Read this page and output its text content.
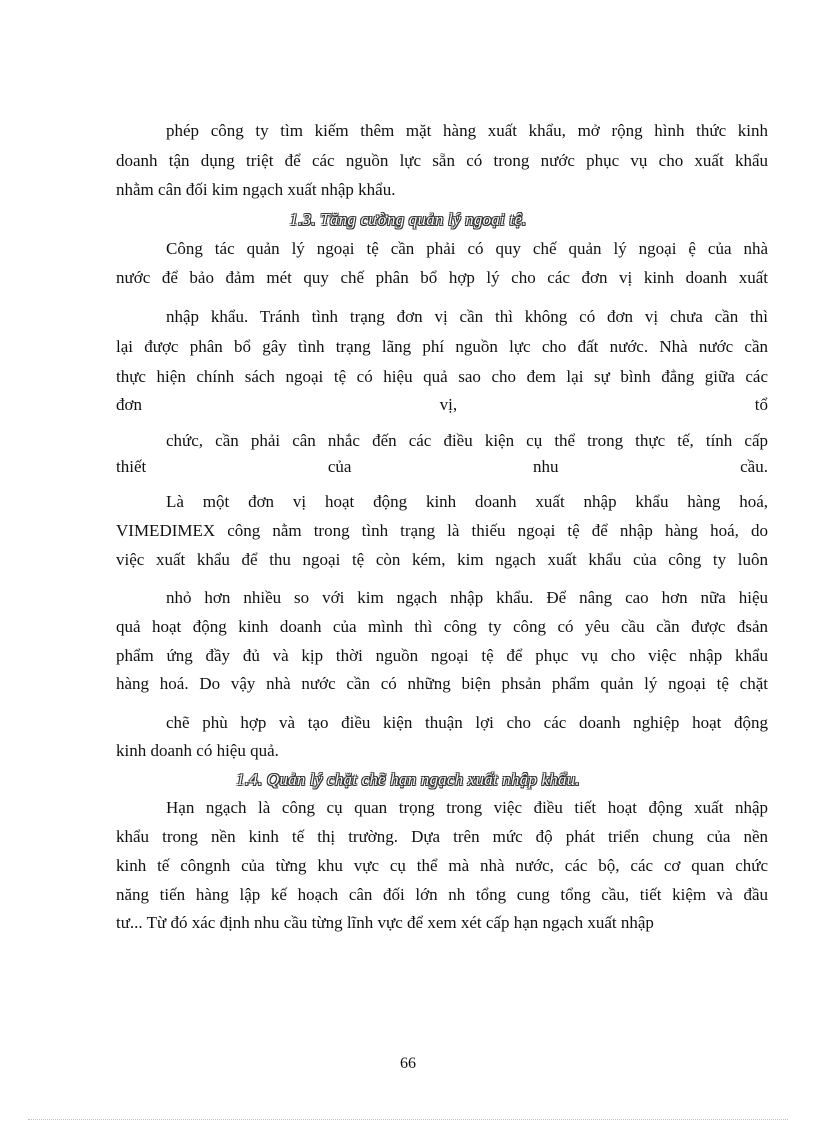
phép công ty tìm kiếm thêm mặt hàng xuất khẩu, mở rộng hình thức kinh
doanh tận dụng triệt để các nguồn lực sẵn có trong nước phục vụ cho xuất khẩu
nhằm cân đối kim ngạch xuất nhập khẩu.
1.3. Tăng cường quản lý ngoại tệ.
Công tác quản lý ngoại tệ cần phải có quy chế quản lý ngoại ệ của nhà
nước để bảo đảm mét quy chế phân bổ hợp lý cho các đơn vị kinh doanh xuất
nhập khẩu. Tránh tình trạng đơn vị cần thì không có đơn vị chưa cần thì
lại được phân bổ gây tình trạng lãng phí nguồn lực cho đất nước. Nhà nước cần
thực hiện chính sách ngoại tệ có hiệu quả sao cho đem lại sự bình đẳng giữa các
đơn	vị,	tổ
chức, cần phải cân nhắc đến các điều kiện cụ thể trong thực tế, tính cấp
thiết	của	nhu	cầu.
Là một đơn vị hoạt động kinh doanh xuất nhập khẩu hàng hoá,
VIMEDIMEX công nằm trong tình trạng là thiếu ngoại tệ để nhập hàng hoá, do
việc xuất khẩu để thu ngoại tệ còn kém, kim ngạch xuất khẩu của công ty luôn
nhỏ hơn nhiều so với kim ngạch nhập khẩu. Để nâng cao hơn nữa hiệu
quả hoạt động kinh doanh của mình thì công ty công có yêu cầu cần được đsản
phẩm ứng đầy đủ và kịp thời nguồn ngoại tệ để phục vụ cho việc nhập khẩu
hàng hoá. Do vậy nhà nước cần có những biện phsản phẩm quản lý ngoại tệ chặt
chẽ phù hợp và tạo điều kiện thuận lợi cho các doanh nghiệp hoạt động
kinh doanh có hiệu quả.
1.4. Quản lý chặt chẽ hạn ngạch xuất nhập khẩu.
Hạn ngạch là công cụ quan trọng trong việc điều tiết hoạt động xuất nhập
khẩu trong nền kinh tế thị trường. Dựa trên mức độ phát triển chung của nền
kinh tế côngnh của từng khu vực cụ thể mà nhà nước, các bộ, các cơ quan chức
năng tiến hàng lập kế hoạch cân đối lớn nh tổng cung tổng cầu, tiết kiệm và đầu
tư... Từ đó xác định nhu cầu từng lĩnh vực để xem xét cấp hạn ngạch xuất nhập
66
